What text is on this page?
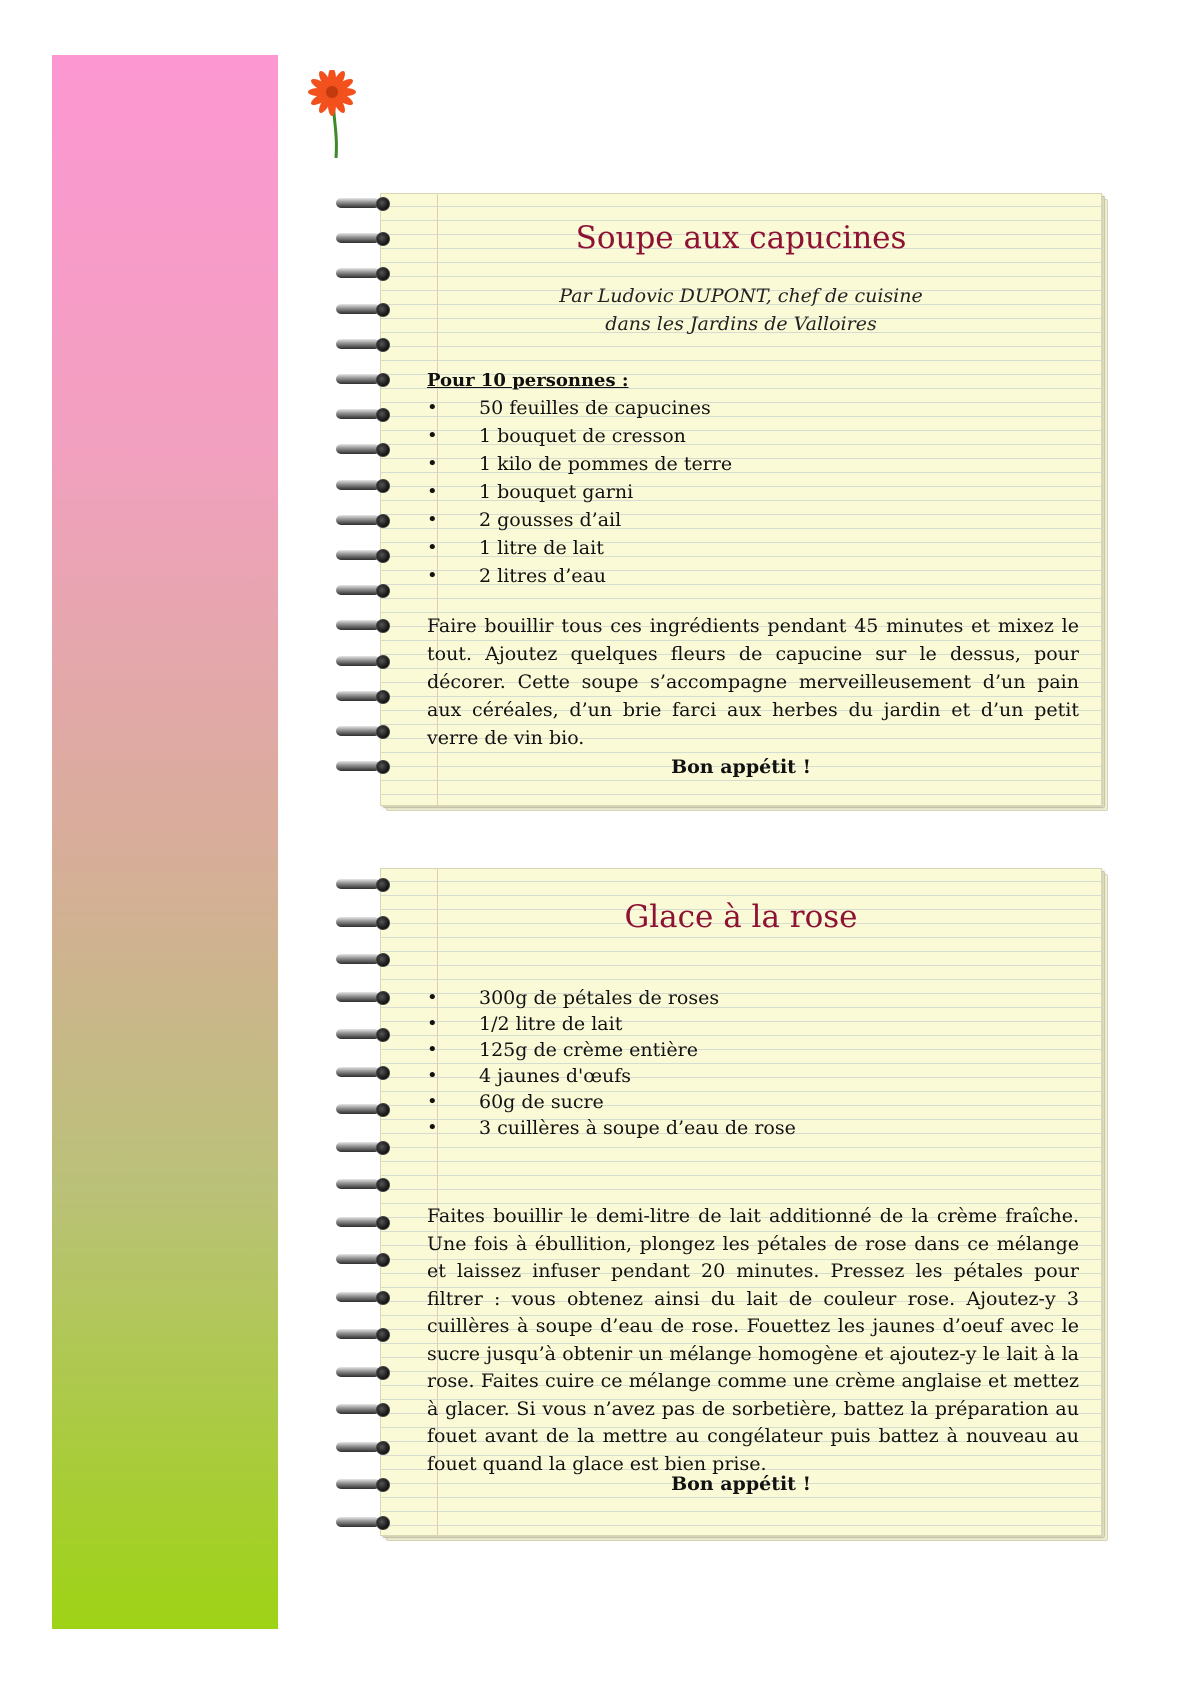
Soupe aux capucines
Par Ludovic DUPONT, chef de cuisine
dans les Jardins de Valloires
Pour 10 personnes :
• 50 feuilles de capucines
• 1 bouquet de cresson
• 1 kilo de pommes de terre
• 1 bouquet garni
• 2 gousses d’ail
• 1 litre de lait
• 2 litres d’eau
Faire bouillir tous ces ingrédients pendant 45 minutes et mixez le tout. Ajoutez quelques fleurs de capucine sur le dessus, pour décorer. Cette soupe s’accompagne merveilleusement d’un pain aux céréales, d’un brie farci aux herbes du jardin et d’un petit verre de vin bio.
Bon appétit !
Glace à la rose
• 300g de pétales de roses
• 1/2 litre de lait
• 125g de crème entière
• 4 jaunes d'œufs
• 60g de sucre
• 3 cuillères à soupe d’eau de rose
Faites bouillir le demi-litre de lait additionné de la crème fraîche. Une fois à ébullition, plongez les pétales de rose dans ce mélange et laissez infuser pendant 20 minutes. Pressez les pétales pour filtrer : vous obtenez ainsi du lait de couleur rose. Ajoutez-y 3 cuillères à soupe d’eau de rose. Fouettez les jaunes d’oeuf avec le sucre jusqu’à obtenir un mélange homogène et ajoutez-y le lait à la rose. Faites cuire ce mélange comme une crème anglaise et mettez à glacer. Si vous n’avez pas de sorbetière, battez la préparation au fouet avant de la mettre au congélateur puis battez à nouveau au fouet quand la glace est bien prise.
Bon appétit !
